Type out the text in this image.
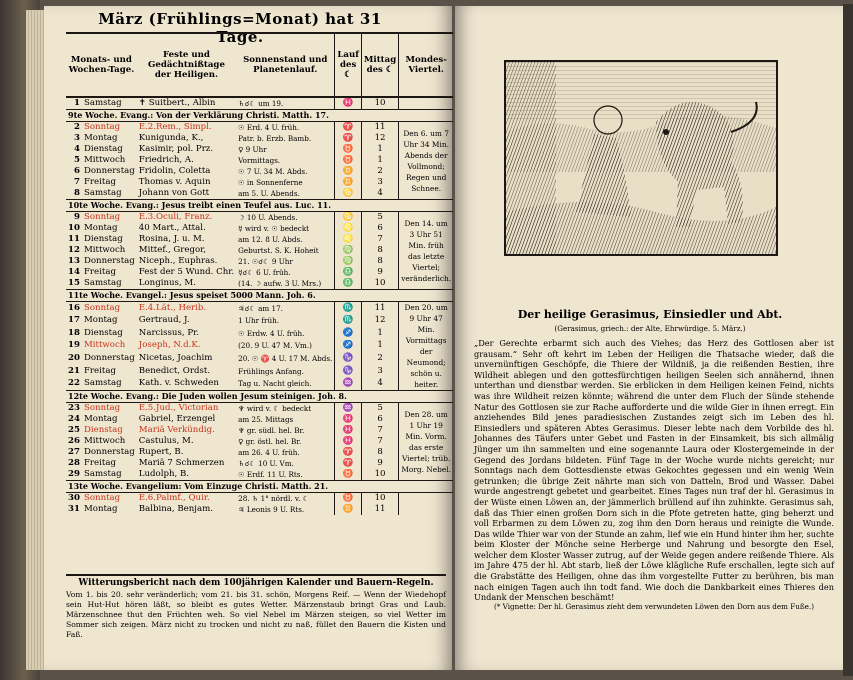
März (Frühlings=Monat) hat 31 Tage.
Monats- und Wochen-Tage.		Feste und Gedächtnißtage der Heiligen.	Sonnenstand und Planetenlauf.	Lauf des ☾	Mittag des ☾	Mondes-Viertel.
1	Samstag	✝ Suitbert., Albin	♄☌☾ um 19.	♓	10	
9te Woche. Evang.: Von der Verklärung Christi. Matth. 17.						
2	Sonntag	E.2.Rem., Simpl.	☉ Erd. 4 U. früh.	♈	11	Den 6. um 7 Uhr 34 Min. Abends der Vollmond; Regen und Schnee.
3	Montag	Kunigunda, K.,	Patr. b. Erzb. Bamb.	♈	12	
4	Dienstag	Kasimir, pol. Prz.	♀ 9 Uhr	♉	1	
5	Mittwoch	Friedrich, A.	Vormittags.	♉	1	
6	Donnerstag	Fridolin, Coletta	☉ 7 U. 34 M. Abds.	♊	2	
7	Freitag	Thomas v. Aquin	☉ in Sonnenferne	♊	3	
8	Samstag	Johann von Gott	am 5. U. Abends.	♋	4	
10te Woche. Evang.: Jesus treibt einen Teufel aus. Luc. 11.						
9	Sonntag	E.3.Oculi, Franz.	☽ 10 U. Abends.	♋	5	Den 14. um 3 Uhr 51 Min. früh das letzte Viertel; veränderlich.
10	Montag	40 Mart., Attal.	☿ wird v. ☉ bedeckt	♌	6	
11	Dienstag	Rosina, J. u. M.	am 12. 8 U. Abds.	♌	7	
12	Mittwoch	Mittef., Gregor,	Geburtst. S. K. Hoheit	♍	8	
13	Donnerstag	Niceph., Euphras.	21. ☉☌☾ 9 Uhr	♍	8	
14	Freitag	Fest der 5 Wund. Chr.	☿☌☾ 6 U. früh.	♎	9	
15	Samstag	Longinus, M.	(14. ☽ aufw. 3 U. Mrs.)	♎	10	
11te Woche. Evangel.: Jesus speiset 5000 Mann. Joh. 6.						
16	Sonntag	E.4.Lät., Herib.	♃☌☾ am 17.	♏	11	Den 20. um 9 Uhr 47 Min. Vormittags der Neumond; schön u. heiter.
17	Montag	Gertraud, J.	1 Uhr früh.	♏	12	
18	Dienstag	Narcissus, Pr.	☉ Erdw. 4 U. früh.	♐	1	
19	Mittwoch	Joseph, N.d.K.	(20. 9 U. 47 M. Vm.)	♐	1	
20	Donnerstag	Nicetas, Joachim	20. ☉ ♈ 4 U. 17 M. Abds.	♑	2	
21	Freitag	Benedict, Ordst.	Frühlings Anfang.	♑	3	
22	Samstag	Kath. v. Schweden	Tag u. Nacht gleich.	♒	4	
12te Woche. Evang.: Die Juden wollen Jesum steinigen. Joh. 8.						
23	Sonntag	E.5.Jud., Victorian	♆ wird v. ☾ bedeckt	♒	5	Den 28. um 1 Uhr 19 Min. Vorm. das erste Viertel; trüb. Morg. Nebel.
24	Montag	Gabriel, Erzengel	am 25. Mittags	♓	6	
25	Dienstag	Mariä Verkündig.	♆ gr. südl. hel. Br.	♓	7	
26	Mittwoch	Castulus, M.	♀ gr. östl. hel. Br.	♓	7	
27	Donnerstag	Rupert, B.	am 26. 4 U. früh.	♈	8	
28	Freitag	Mariä 7 Schmerzen	♄☌☾ 10 U. Vm.	♈	9	
29	Samstag	Ludolph, B.	☉ Erdf. 11 U. Rts.	♉	10	
13te Woche. Evangelium: Vom Einzuge Christi. Matth. 21.						
30	Sonntag	E.6.Palmf., Quir.	28. ♄ 1° nördl. v. ☾	♉	10	
31	Montag	Balbina, Benjam.	♃ Leonis 9 U. Rts.	♊	11	
Witterungsbericht nach dem 100jährigen Kalender und Bauern-Regeln.
Vom 1. bis 20. sehr veränderlich; vom 21. bis 31. schön, Morgens Reif. — Wenn der Wiedehopf sein Hut-Hut hören läßt, so bleibt es gutes Wetter. Märzenstaub bringt Gras und Laub. Märzenschnee thut den Früchten weh. So viel Nebel im Märzen steigen, so viel Wetter im Sommer sich zeigen. März nicht zu trocken und nicht zu naß, füllet den Bauern die Kisten und Faß.
Der heilige Gerasimus, Einsiedler und Abt.
(Gerasimus, griech.: der Alte, Ehrwürdige. 5. März.)
„Der Gerechte erbarmt sich auch des Viehes; das Herz des Gottlosen aber ist grausam.“ Sehr oft kehrt im Leben der Heiligen die Thatsache wieder, daß die unvernünftigen Geschöpfe, die Thiere der Wildniß, ja die reißenden Bestien, ihre Wildheit ablegen und den gottesfürchtigen heiligen Seelen sich annähernd, ihnen unterthan und dienstbar werden. Sie erblicken in dem Heiligen keinen Feind, nichts was ihre Wildheit reizen könnte; während die unter dem Fluch der Sünde stehende Natur des Gottlosen sie zur Rache aufforderte und die wilde Gier in ihnen erregt. Ein anziehendes Bild jenes paradiesischen Zustandes zeigt sich im Leben des hl. Einsiedlers und späteren Abtes Gerasimus. Dieser lebte nach dem Vorbilde des hl. Johannes des Täufers unter Gebet und Fasten in der Einsamkeit, bis sich allmälig Jünger um ihn sammelten und eine sogenannte Laura oder Klostergemeinde in der Gegend des Jordans bildeten. Fünf Tage in der Woche wurde nichts gereicht; nur Sonntags nach dem Gottesdienste etwas Gekochtes gegessen und ein wenig Wein getrunken; die übrige Zeit nährte man sich von Datteln, Brod und Wasser. Dabei wurde angestrengt gebetet und gearbeitet. Eines Tages nun traf der hl. Gerasimus in der Wüste einen Löwen an, der jämmerlich brüllend auf ihn zuhinkte. Gerasimus sah, daß das Thier einen großen Dorn sich in die Pfote getreten hatte, ging beherzt und voll Erbarmen zu dem Löwen zu, zog ihm den Dorn heraus und reinigte die Wunde. Das wilde Thier war von der Stunde an zahm, lief wie ein Hund hinter ihm her, suchte beim Kloster der Mönche seine Herberge und Nahrung und besorgte den Esel, welcher dem Kloster Wasser zutrug, auf der Weide gegen andere reißende Thiere. Als im Jahre 475 der hl. Abt starb, ließ der Löwe klägliche Rufe erschallen, legte sich auf die Grabstätte des Heiligen, ohne das ihm vorgestellte Futter zu berühren, bis man nach einigen Tagen auch ihn todt fand. Wie doch die Dankbarkeit eines Thieres den Undank der Menschen beschämt!
(* Vignette: Der hl. Gerasimus zieht dem verwundeten Löwen den Dorn aus dem Fuße.)
